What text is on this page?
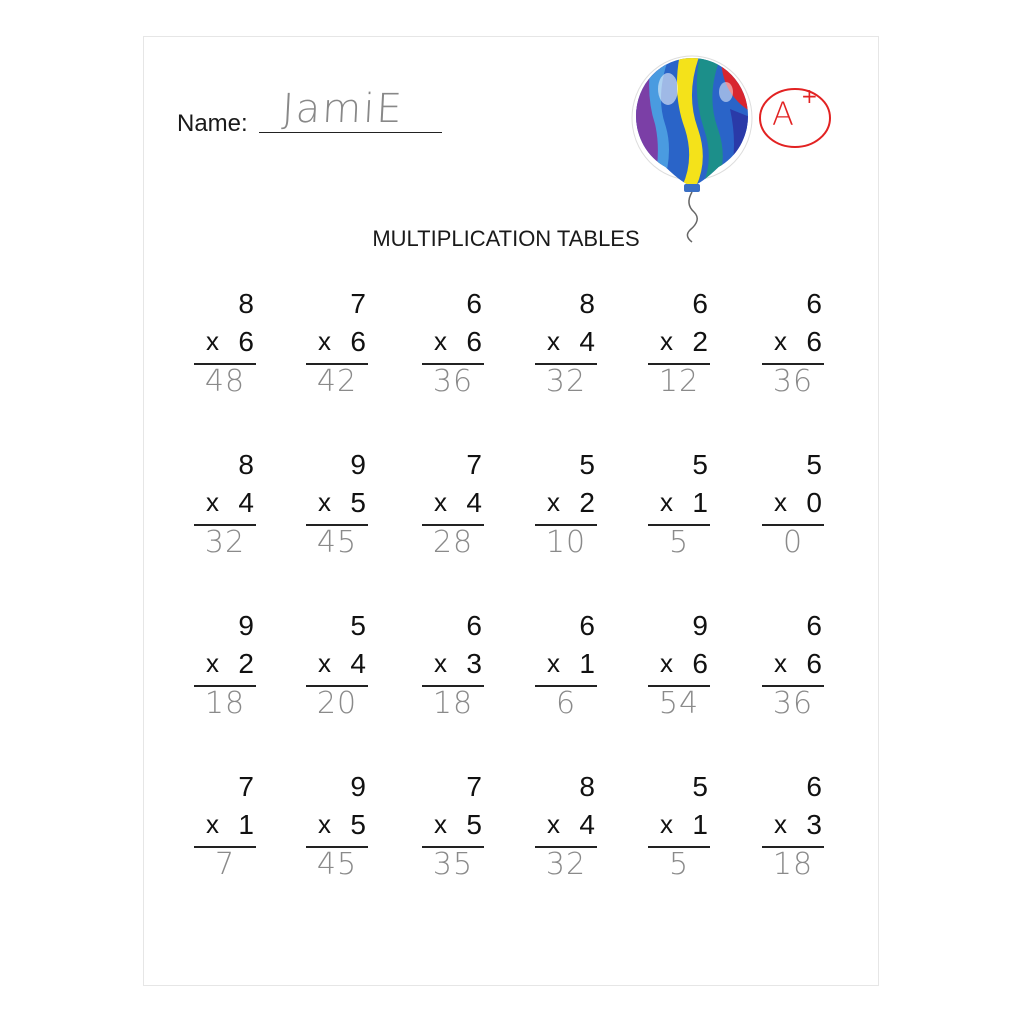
Name: JamiE	A +
MULTIPLICATION TABLES
8
x 6
48
7
x 6
42
6
x 6
36
8
x 4
32
6
x 2
12
6
x 6
36
8
x 4
32
9
x 5
45
7
x 4
28
5
x 2
10
5
x 1
5
5
x 0
0
9
x 2
18
5
x 4
20
6
x 3
18
6
x 1
6
9
x 6
54
6
x 6
36
7
x 1
7
9
x 5
45
7
x 5
35
8
x 4
32
5
x 1
5
6
x 3
18
